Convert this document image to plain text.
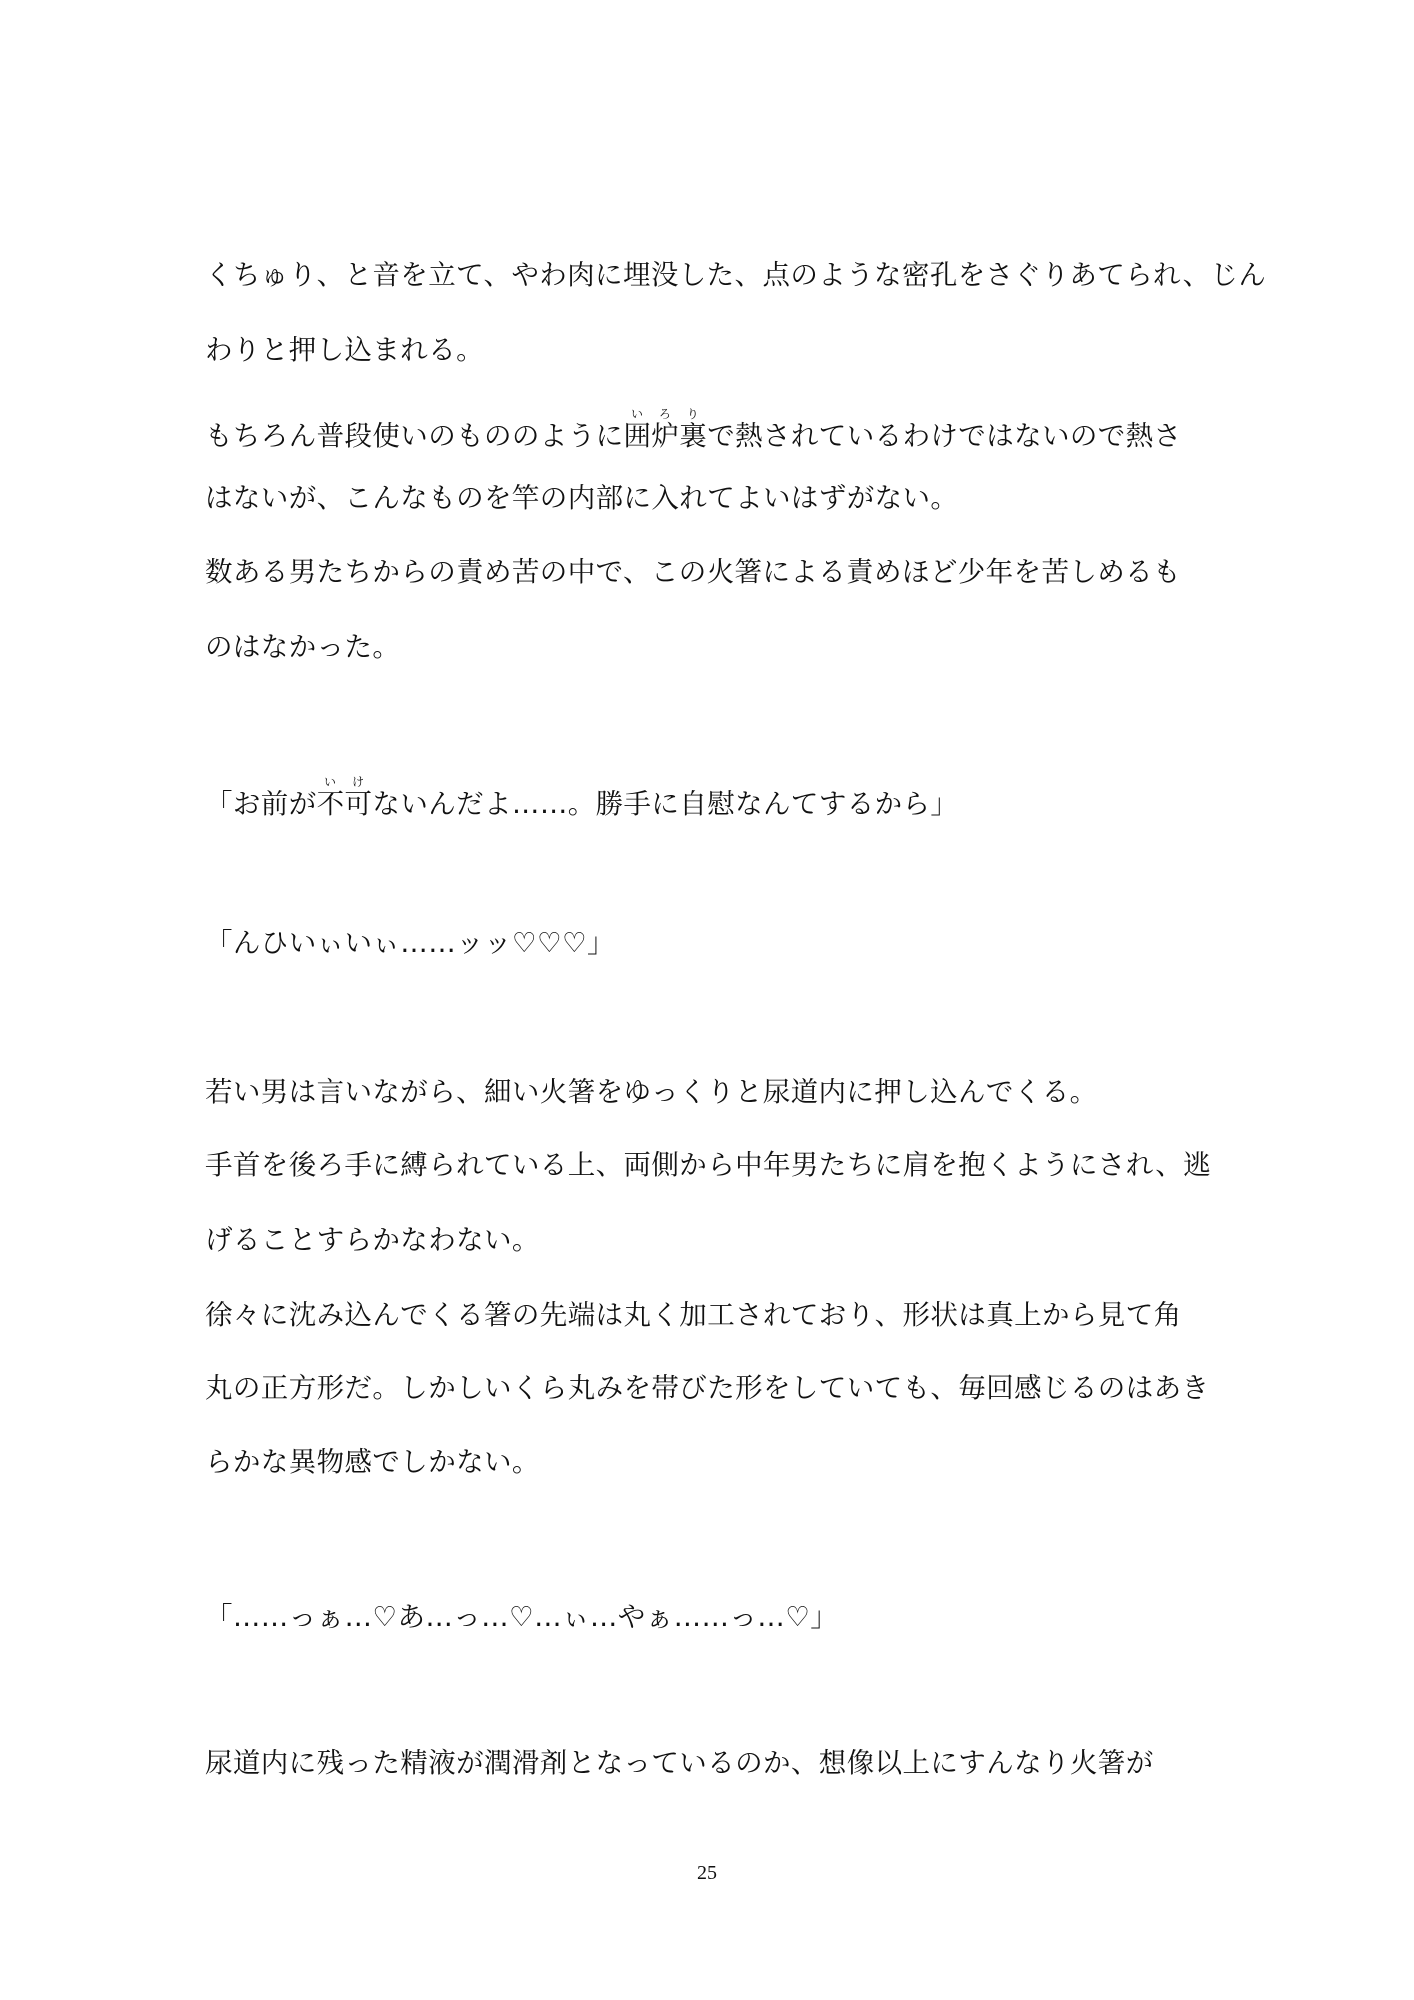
くちゅり、と音を立て、やわ肉に埋没した、点のような密孔をさぐりあてられ、じん
わりと押し込まれる。
もちろん普段使いのもののように囲炉裏いろりで熱されているわけではないので熱さ
はないが、こんなものを竿の内部に入れてよいはずがない。
数ある男たちからの責め苦の中で、この火箸による責めほど少年を苦しめるも
のはなかった。
「お前が不可いけないんだよ……。勝手に自慰なんてするから」
「んひいぃいぃ……ッッ♡♡♡」
若い男は言いながら、細い火箸をゆっくりと尿道内に押し込んでくる。
手首を後ろ手に縛られている上、両側から中年男たちに肩を抱くようにされ、逃
げることすらかなわない。
徐々に沈み込んでくる箸の先端は丸く加工されており、形状は真上から見て角
丸の正方形だ。しかしいくら丸みを帯びた形をしていても、毎回感じるのはあき
らかな異物感でしかない。
「……っぁ…♡あ…っ…♡…ぃ…やぁ……っ…♡」
尿道内に残った精液が潤滑剤となっているのか、想像以上にすんなり火箸が
25
